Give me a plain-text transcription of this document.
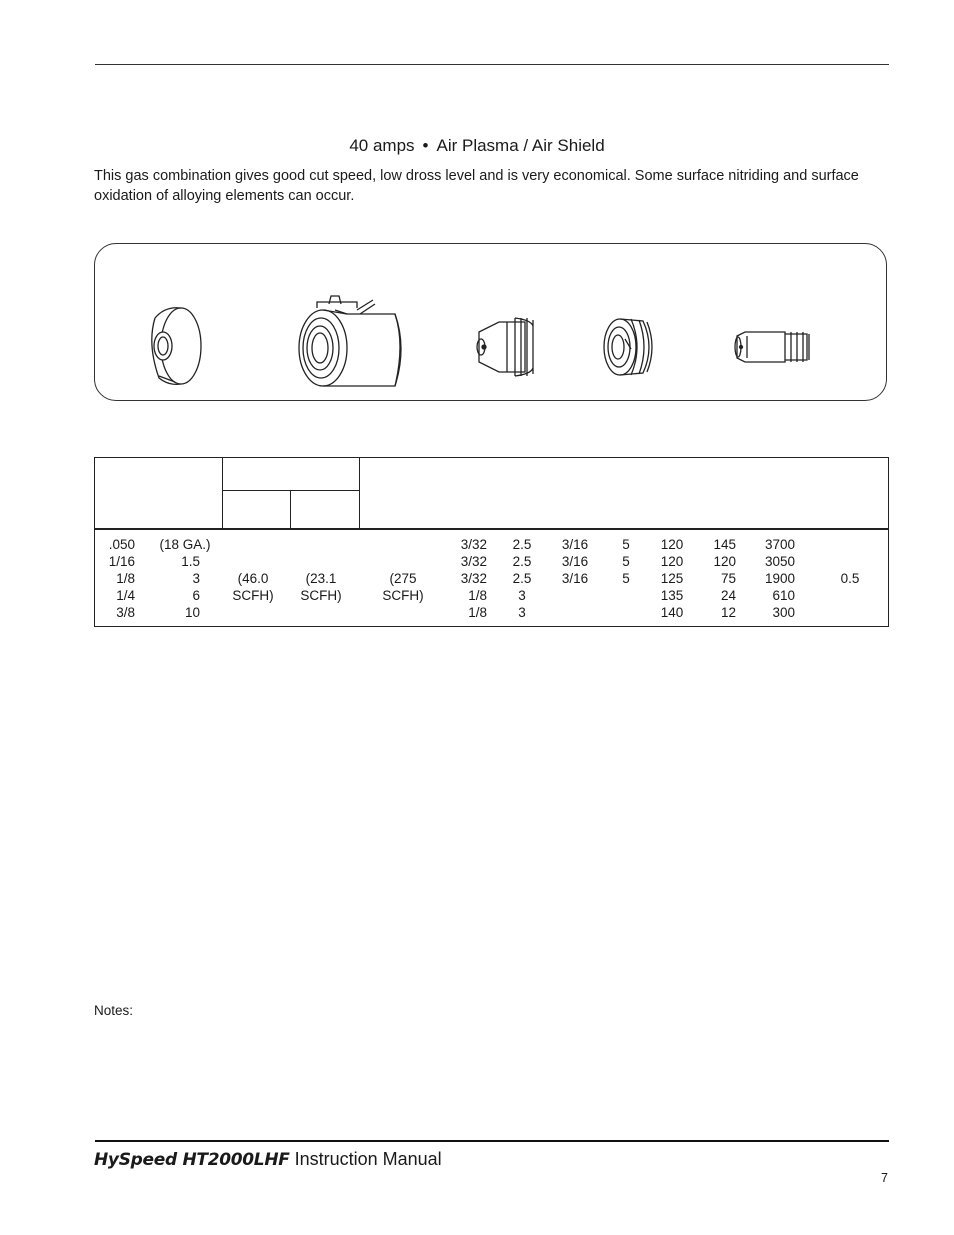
40 amps • Air Plasma / Air Shield
This gas combination gives good cut speed, low dross level and is very economical. Some surface nitriding and surface oxidation of alloying elements can occur.
.050
1/16
1/8
1/4
3/8
(18 GA.)
1.5
3
6
10
(46.0
SCFH)
(23.1
SCFH)
(275
SCFH)
3/32
3/32
3/32
1/8
1/8
2.5
2.5
2.5
3
3
3/16
3/16
3/16
5
5
5
120
120
125
135
140
145
120
75
24
12
3700
3050
1900
610
300
0.5
Notes:
HySpeed HT2000LHF Instruction Manual
7
